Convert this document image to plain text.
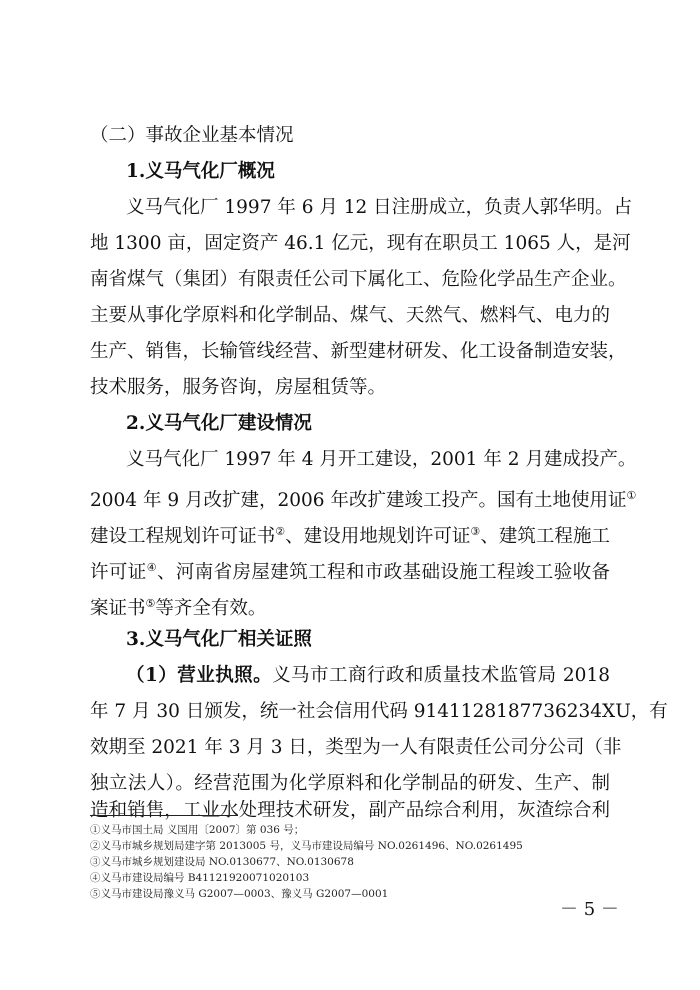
（二）事故企业基本情况
1.义马气化厂概况
义马气化厂 1997 年 6 月 12 日注册成立，负责人郭华明。占
地 1300 亩，固定资产 46.1 亿元，现有在职员工 1065 人，是河
南省煤气（集团）有限责任公司下属化工、危险化学品生产企业。
主要从事化学原料和化学制品、煤气、天然气、燃料气、电力的
生产、销售，长输管线经营、新型建材研发、化工设备制造安装，
技术服务，服务咨询，房屋租赁等。
2.义马气化厂建设情况
义马气化厂 1997 年 4 月开工建设，2001 年 2 月建成投产。
2004 年 9 月改扩建，2006 年改扩建竣工投产。国有土地使用证①
建设工程规划许可证书②、建设用地规划许可证③、建筑工程施工
许可证④、河南省房屋建筑工程和市政基础设施工程竣工验收备
案证书⑤等齐全有效。
3.义马气化厂相关证照
（1）营业执照。义马市工商行政和质量技术监管局 2018
年 7 月 30 日颁发，统一社会信用代码 9141128187736234XU，有
效期至 2021 年 3 月 3 日，类型为一人有限责任公司分公司（非
独立法人）。经营范围为化学原料和化学制品的研发、生产、制
造和销售，工业水处理技术研发，副产品综合利用，灰渣综合利
①义马市国土局 义国用〔2007〕第 036 号；
②义马市城乡规划局建字第 2013005 号，义马市建设局编号 NO.0261496、NO.0261495
③义马市城乡规划建设局 NO.0130677、NO.0130678
④义马市建设局编号 B41121920071020103
⑤义马市建设局豫义马 G2007—0003、豫义马 G2007—0001
－ 5 －
